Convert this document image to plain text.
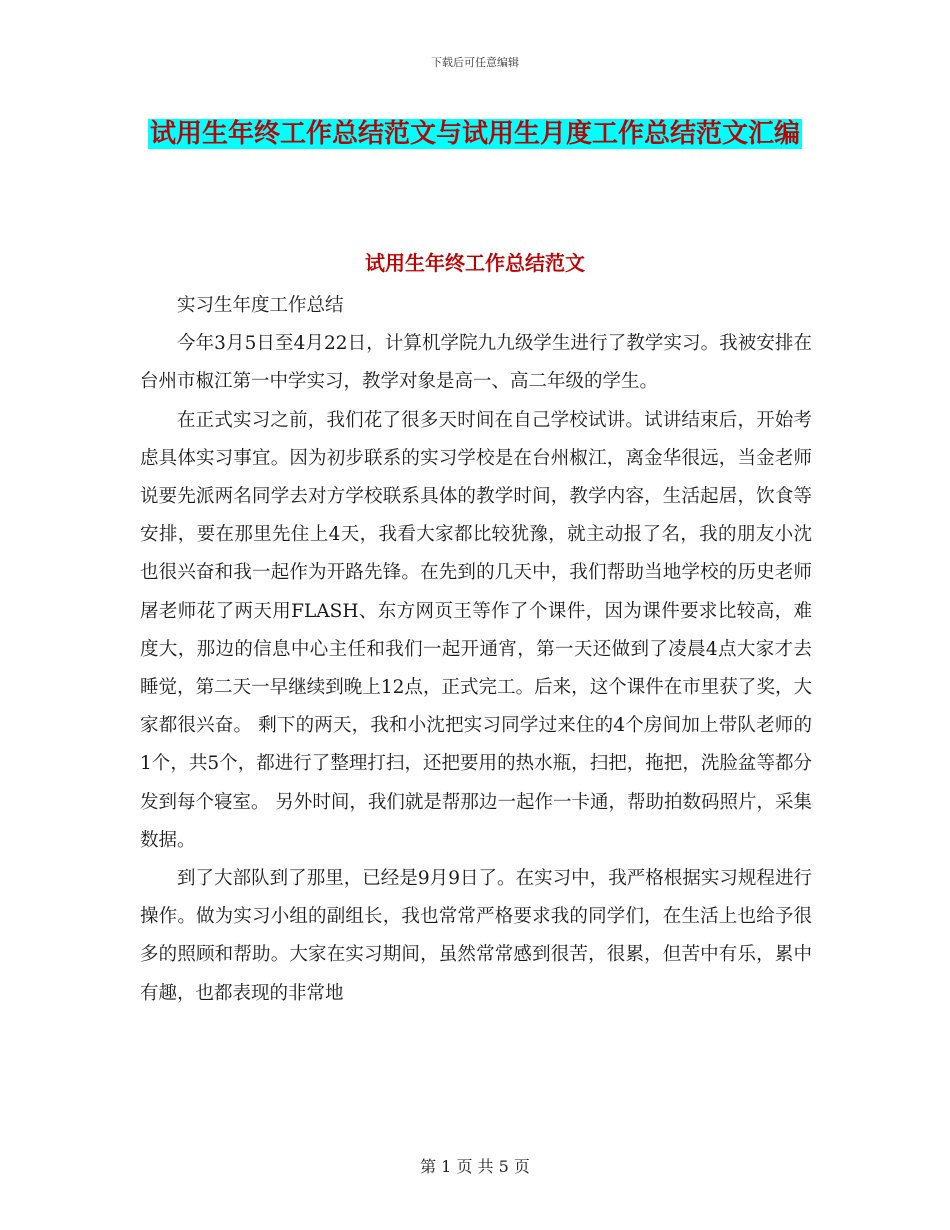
下载后可任意编辑
试用生年终工作总结范文与试用生月度工作总结范文汇编
试用生年终工作总结范文

实习生年度工作总结

今年3月5日至4月22日，计算机学院九九级学生进行了教学实习。我被安排在台州市椒江第一中学实习，教学对象是高一、高二年级的学生。

在正式实习之前，我们花了很多天时间在自己学校试讲。试讲结束后，开始考虑具体实习事宜。因为初步联系的实习学校是在台州椒江，离金华很远，当金老师说要先派两名同学去对方学校联系具体的教学时间，教学内容，生活起居，饮食等安排，要在那里先住上4天，我看大家都比较犹豫，就主动报了名，我的朋友小沈也很兴奋和我一起作为开路先锋。在先到的几天中，我们帮助当地学校的历史老师屠老师花了两天用FLASH、东方网页王等作了个课件，因为课件要求比较高，难度大，那边的信息中心主任和我们一起开通宵，第一天还做到了凌晨4点大家才去睡觉，第二天一早继续到晚上12点，正式完工。后来，这个课件在市里获了奖，大家都很兴奋。 剩下的两天，我和小沈把实习同学过来住的4个房间加上带队老师的1个，共5个，都进行了整理打扫，还把要用的热水瓶，扫把，拖把，洗脸盆等都分发到每个寝室。 另外时间，我们就是帮那边一起作一卡通，帮助拍数码照片，采集数据。

到了大部队到了那里，已经是9月9日了。在实习中，我严格根据实习规程进行操作。做为实习小组的副组长，我也常常严格要求我的同学们，在生活上也给予很多的照顾和帮助。大家在实习期间，虽然常常感到很苦，很累，但苦中有乐，累中有趣，也都表现的非常地

第 1 页 共 5 页
